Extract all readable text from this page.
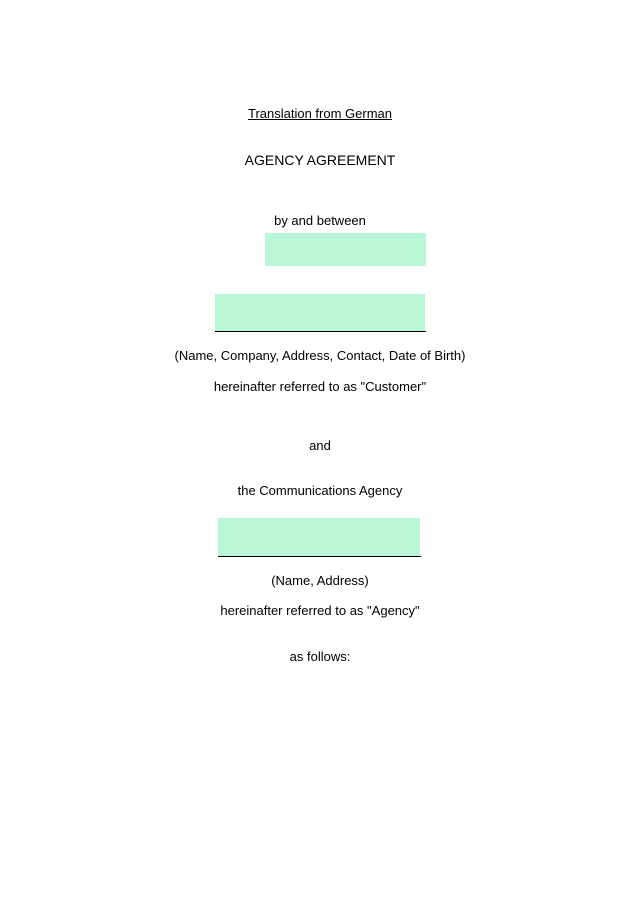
Translation from German
AGENCY AGREEMENT
by and between
(Name, Company, Address, Contact, Date of Birth)
hereinafter referred to as "Customer"
and
the Communications Agency
(Name, Address)
hereinafter referred to as "Agency"
as follows:
